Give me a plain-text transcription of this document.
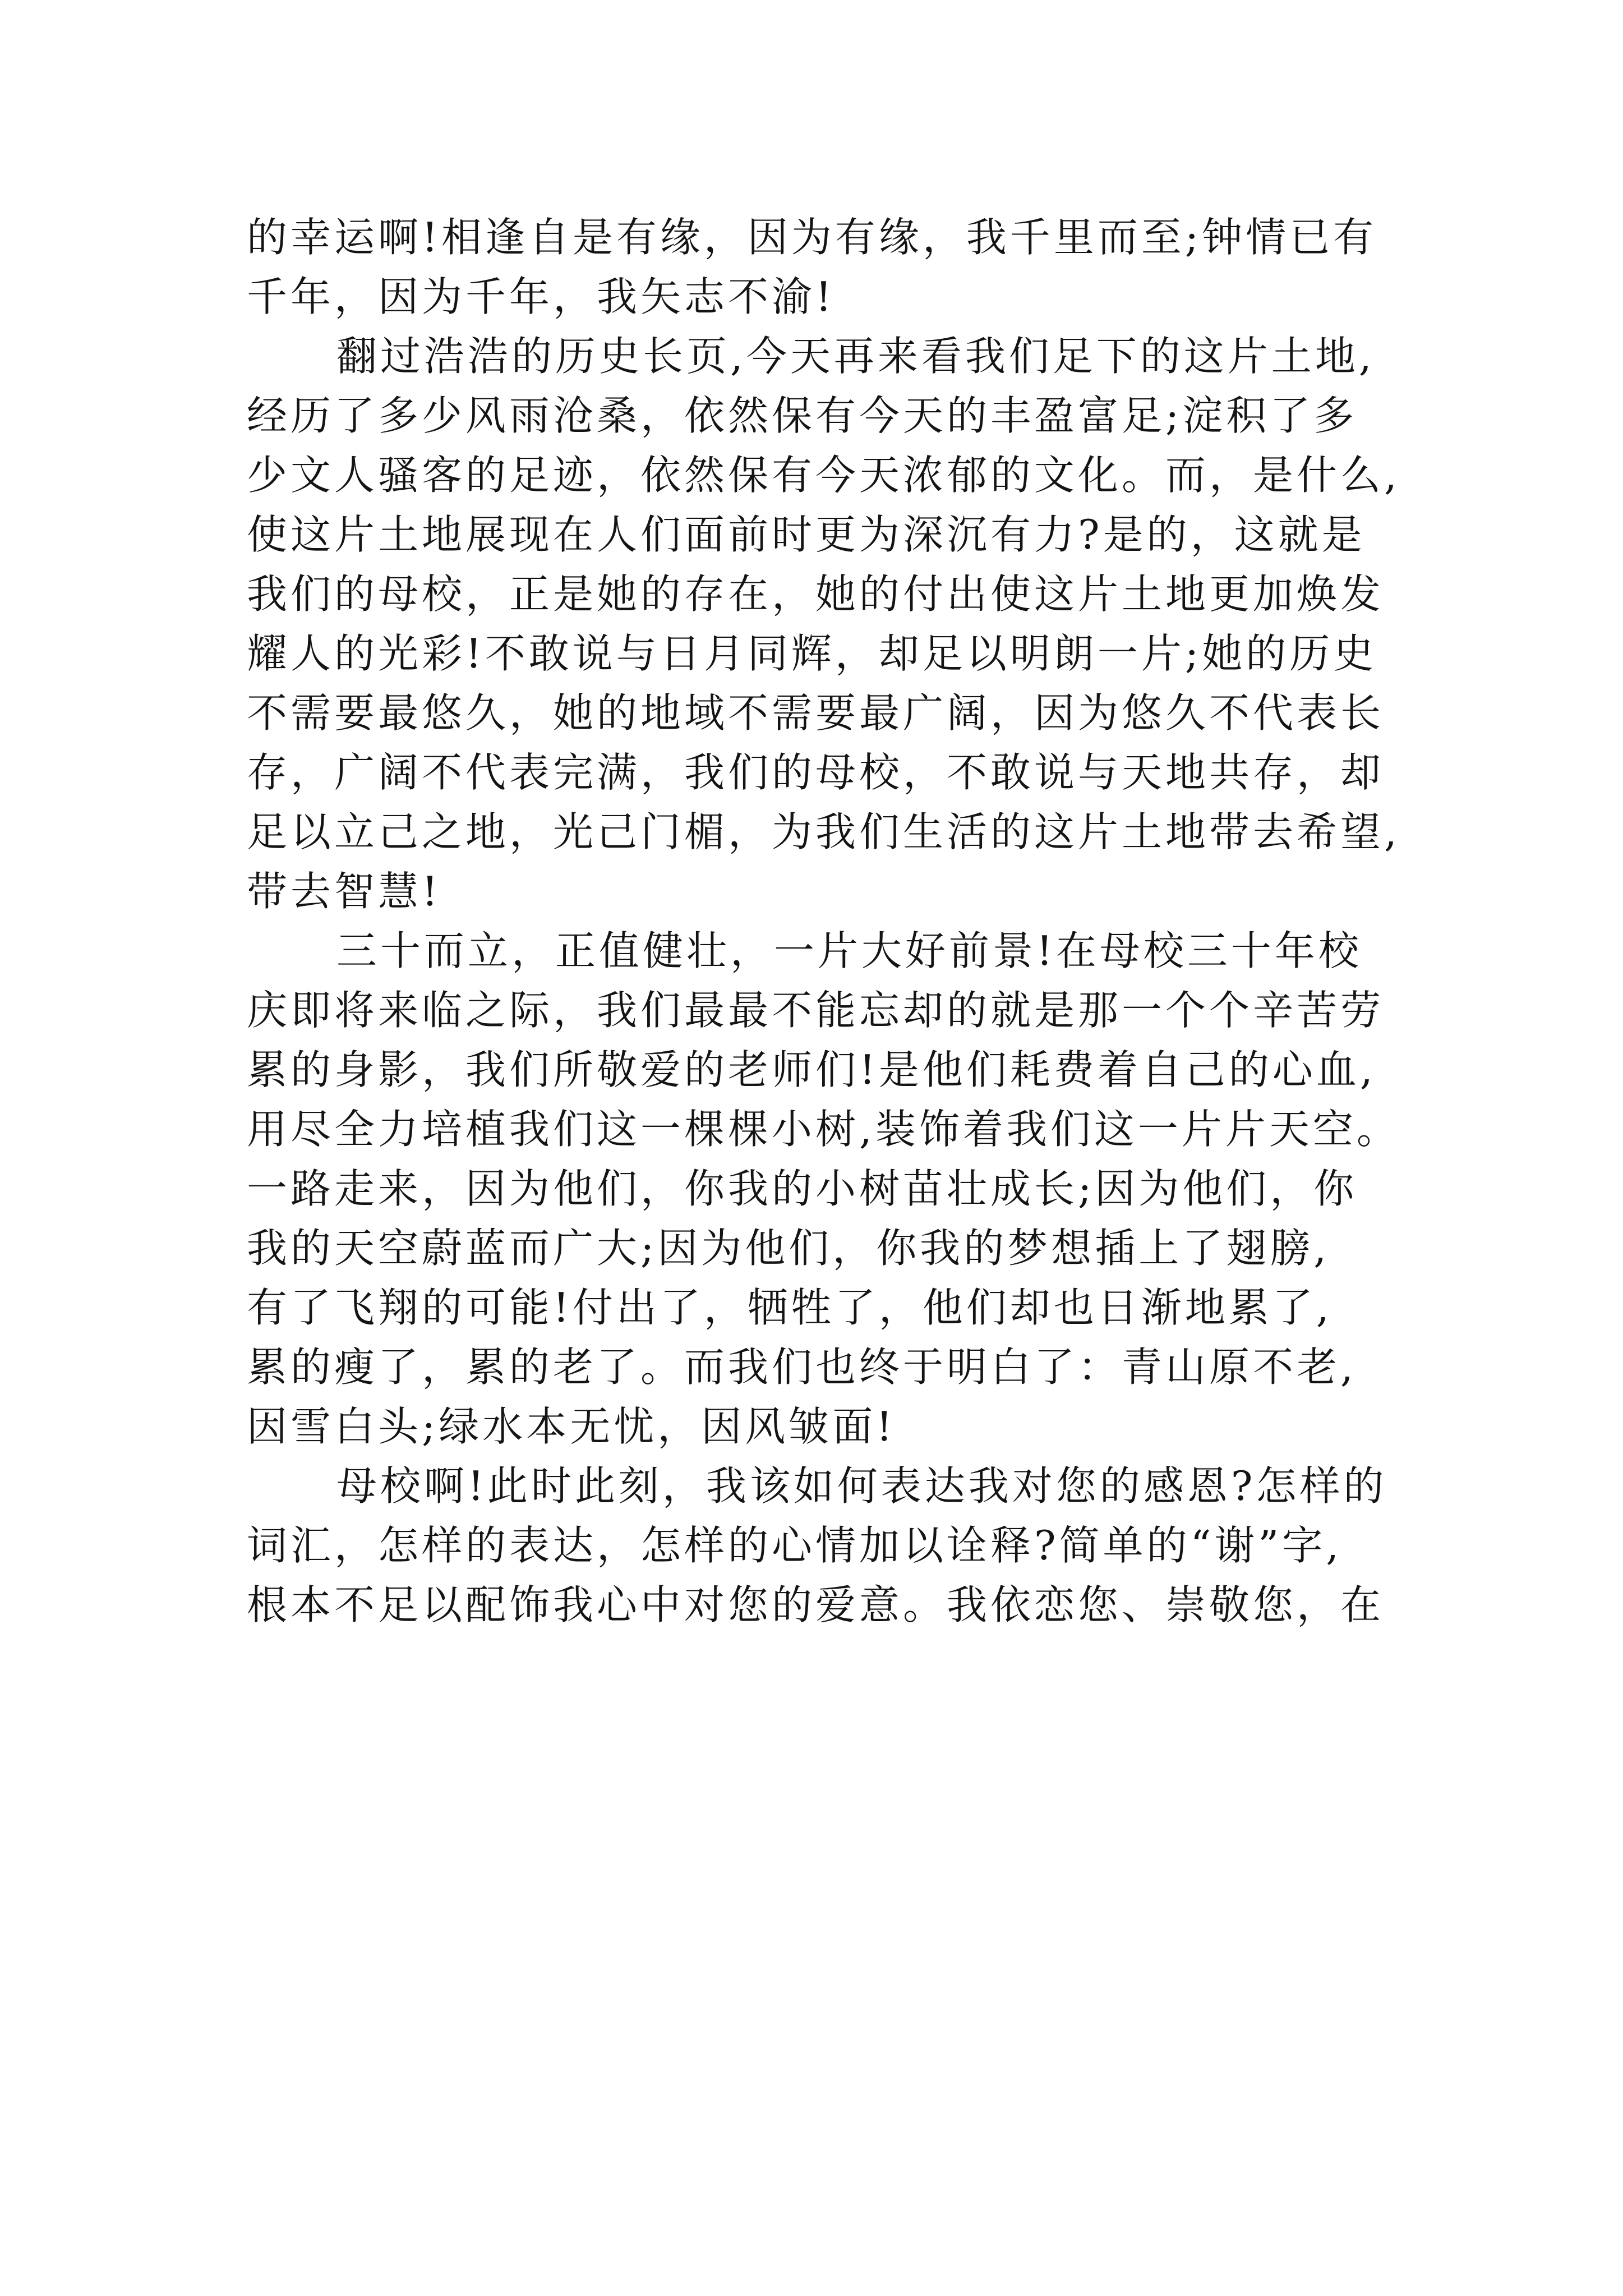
的幸运啊!相逢自是有缘，因为有缘，我千里而至;钟情已有
千年，因为千年，我矢志不渝!
翻过浩浩的历史长页,今天再来看我们足下的这片土地,
经历了多少风雨沧桑，依然保有今天的丰盈富足;淀积了多
少文人骚客的足迹，依然保有今天浓郁的文化。而，是什么,
使这片土地展现在人们面前时更为深沉有力?是的，这就是
我们的母校，正是她的存在，她的付出使这片土地更加焕发
耀人的光彩!不敢说与日月同辉，却足以明朗一片;她的历史
不需要最悠久，她的地域不需要最广阔，因为悠久不代表长
存，广阔不代表完满，我们的母校，不敢说与天地共存，却
足以立己之地，光己门楣，为我们生活的这片土地带去希望,
带去智慧!
三十而立，正值健壮，一片大好前景!在母校三十年校
庆即将来临之际，我们最最不能忘却的就是那一个个辛苦劳
累的身影，我们所敬爱的老师们!是他们耗费着自己的心血,
用尽全力培植我们这一棵棵小树,装饰着我们这一片片天空。
一路走来，因为他们，你我的小树苗壮成长;因为他们，你
我的天空蔚蓝而广大;因为他们，你我的梦想插上了翅膀,
有了飞翔的可能!付出了，牺牲了，他们却也日渐地累了,
累的瘦了，累的老了。而我们也终于明白了：青山原不老,
因雪白头;绿水本无忧，因风皱面!
母校啊!此时此刻，我该如何表达我对您的感恩?怎样的
词汇，怎样的表达，怎样的心情加以诠释?简单的“谢”字,
根本不足以配饰我心中对您的爱意。我依恋您、崇敬您，在
